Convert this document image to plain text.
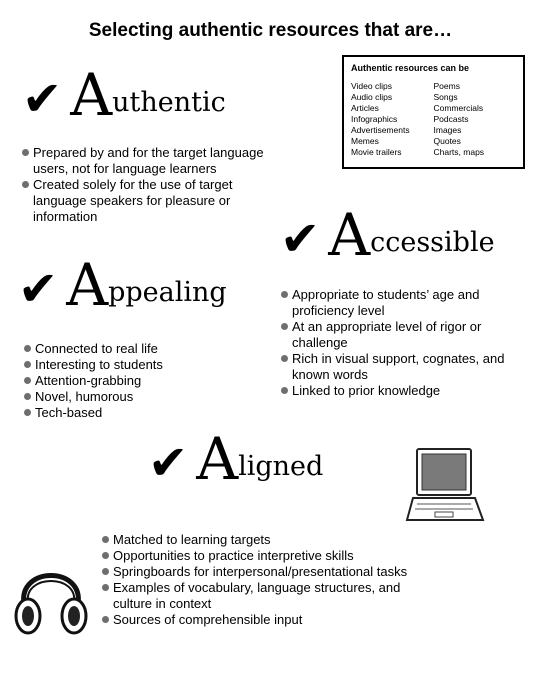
Selecting authentic resources that are…
Authentic resources can be
Video clips
Audio clips
Articles
Infographics
Advertisements
Memes
Movie trailers
Poems
Songs
Commercials
Podcasts
Images
Quotes
Charts, maps
✔ A uthentic
Prepared by and for the target language users, not for language learners
Created solely for the use of target language speakers for pleasure or information	✔ A ccessible
Appropriate to students’ age and proficiency level
At an appropriate level of rigor or challenge
Rich in visual support, cognates, and known words
Linked to prior knowledge
✔ A ppealing
Connected to real life
Interesting to students
Attention-grabbing
Novel, humorous
Tech-based
✔ A ligned
Matched to learning targets
Opportunities to practice interpretive skills
Springboards for interpersonal/presentational tasks
Examples of vocabulary, language structures, and culture in context
Sources of comprehensible input
